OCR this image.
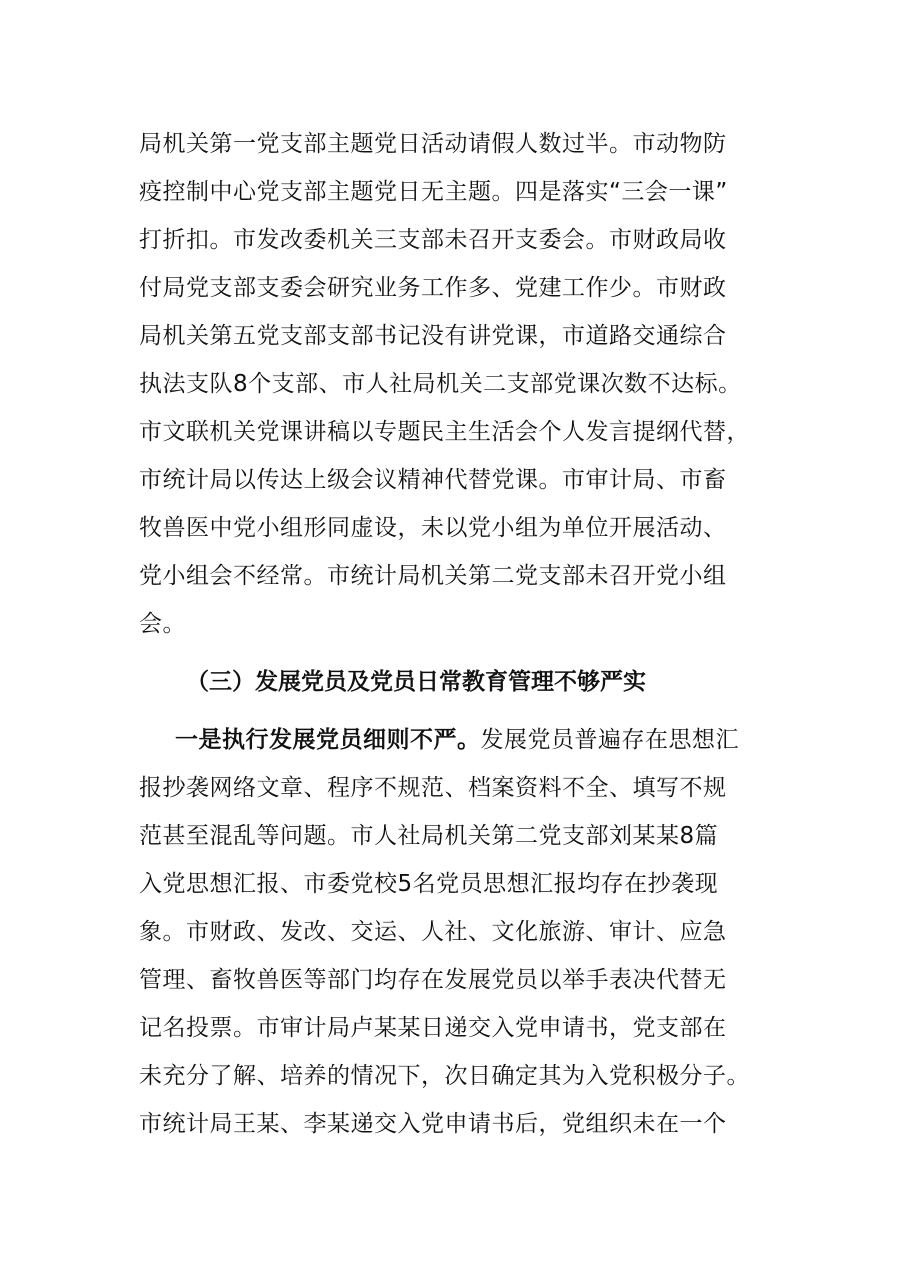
局机关第一党支部主题党日活动请假人数过半。市动物防
疫控制中心党支部主题党日无主题。四是落实“三会一课”
打折扣。市发改委机关三支部未召开支委会。市财政局收
付局党支部支委会研究业务工作多、党建工作少。市财政
局机关第五党支部支部书记没有讲党课，市道路交通综合
执法支队8个支部、市人社局机关二支部党课次数不达标。
市文联机关党课讲稿以专题民主生活会个人发言提纲代替，
市统计局以传达上级会议精神代替党课。市审计局、市畜
牧兽医中党小组形同虚设，未以党小组为单位开展活动、
党小组会不经常。市统计局机关第二党支部未召开党小组
会。
（三）发展党员及党员日常教育管理不够严实
一是执行发展党员细则不严。发展党员普遍存在思想汇
报抄袭网络文章、程序不规范、档案资料不全、填写不规
范甚至混乱等问题。市人社局机关第二党支部刘某某8篇
入党思想汇报、市委党校5名党员思想汇报均存在抄袭现
象。市财政、发改、交运、人社、文化旅游、审计、应急
管理、畜牧兽医等部门均存在发展党员以举手表决代替无
记名投票。市审计局卢某某日递交入党申请书，党支部在
未充分了解、培养的情况下，次日确定其为入党积极分子。
市统计局王某、李某递交入党申请书后，党组织未在一个
